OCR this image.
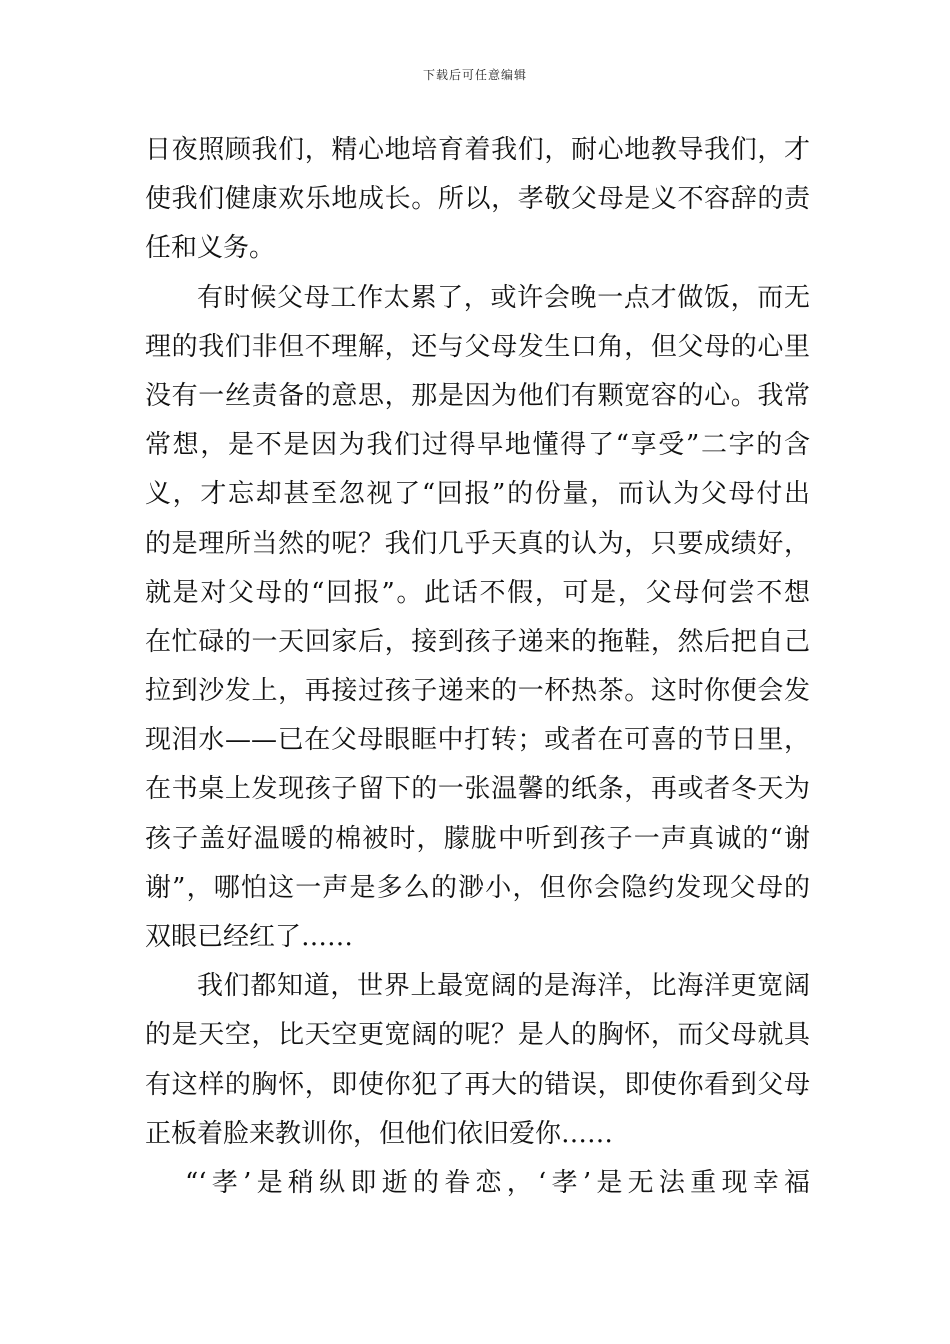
下载后可任意编辑
日夜照顾我们，精心地培育着我们，耐心地教导我们，才
使我们健康欢乐地成长。所以，孝敬父母是义不容辞的责
任和义务。
有时候父母工作太累了，或许会晚一点才做饭，而无
理的我们非但不理解，还与父母发生口角，但父母的心里
没有一丝责备的意思，那是因为他们有颗宽容的心。我常
常想，是不是因为我们过得早地懂得了“享受”二字的含
义，才忘却甚至忽视了“回报”的份量，而认为父母付出
的是理所当然的呢？我们几乎天真的认为，只要成绩好，
就是对父母的“回报”。此话不假，可是，父母何尝不想
在忙碌的一天回家后，接到孩子递来的拖鞋，然后把自己
拉到沙发上，再接过孩子递来的一杯热茶。这时你便会发
现泪水——已在父母眼眶中打转；或者在可喜的节日里，
在书桌上发现孩子留下的一张温馨的纸条，再或者冬天为
孩子盖好温暖的棉被时，朦胧中听到孩子一声真诚的“谢
谢”，哪怕这一声是多么的渺小，但你会隐约发现父母的
双眼已经红了……
我们都知道，世界上最宽阔的是海洋，比海洋更宽阔
的是天空，比天空更宽阔的呢？是人的胸怀，而父母就具
有这样的胸怀，即使你犯了再大的错误，即使你看到父母
正板着脸来教训你，但他们依旧爱你……
“‘孝’是稍纵即逝的眷恋，‘孝’是无法重现幸福
